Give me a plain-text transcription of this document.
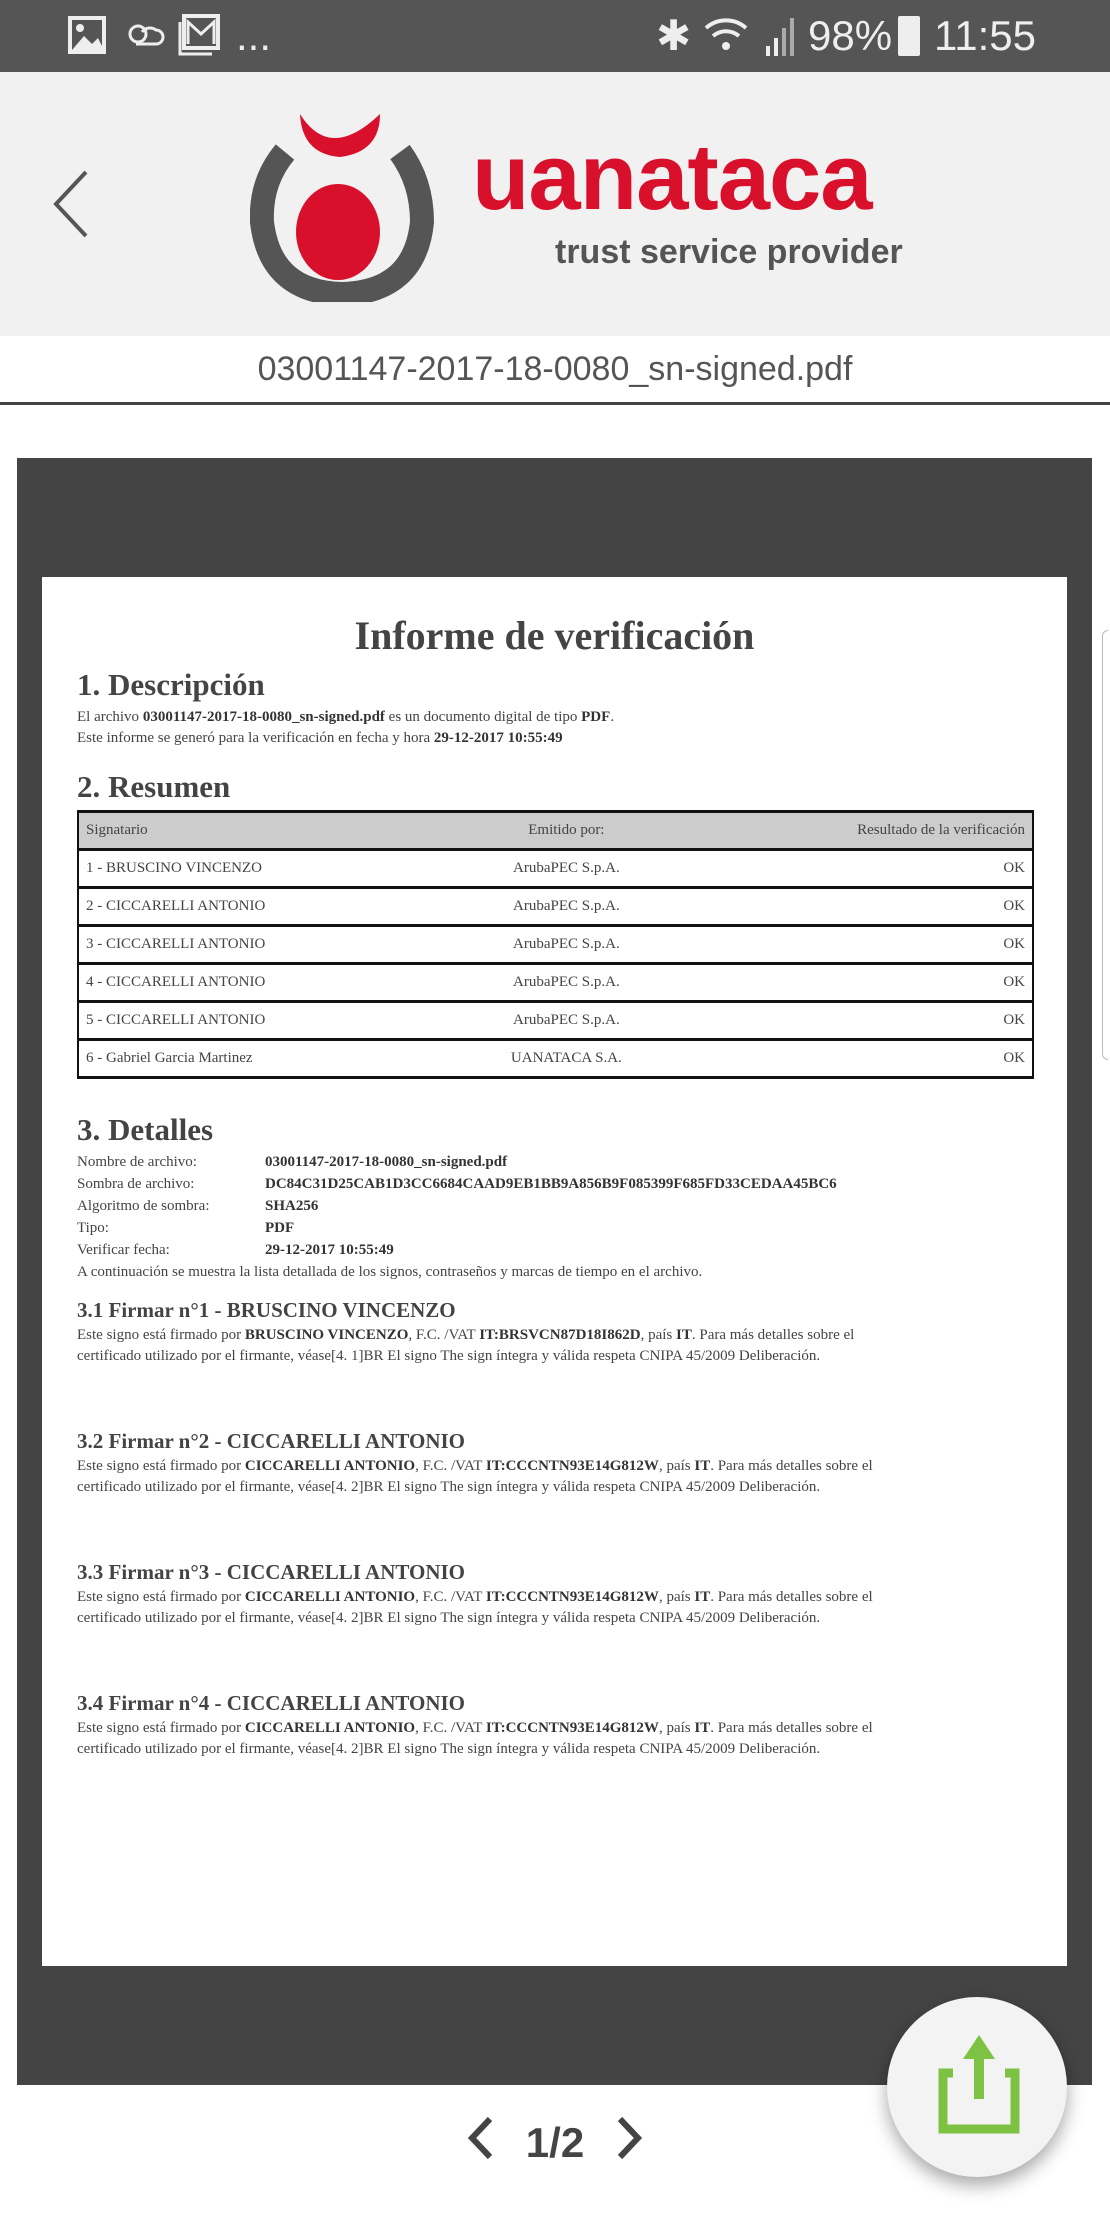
...	✱	98% 11:55
uanataca
trust service provider
03001147-2017-18-0080_sn-signed.pdf
Informe de verificación
1. Descripción
El archivo 03001147-2017-18-0080_sn-signed.pdf es un documento digital de tipo PDF.
Este informe se generó para la verificación en fecha y hora 29-12-2017 10:55:49
2. Resumen
Signatario	Emitido por:	Resultado de la verificación
1 - BRUSCINO VINCENZO	ArubaPEC S.p.A.	OK
2 - CICCARELLI ANTONIO	ArubaPEC S.p.A.	OK
3 - CICCARELLI ANTONIO	ArubaPEC S.p.A.	OK
4 - CICCARELLI ANTONIO	ArubaPEC S.p.A.	OK
5 - CICCARELLI ANTONIO	ArubaPEC S.p.A.	OK
6 - Gabriel Garcia Martinez	UANATACA S.A.	OK
3. Detalles
Nombre de archivo:	03001147-2017-18-0080_sn-signed.pdf
Sombra de archivo:	DC84C31D25CAB1D3CC6684CAAD9EB1BB9A856B9F085399F685FD33CEDAA45BC6
Algoritmo de sombra:	SHA256
Tipo:	PDF
Verificar fecha:	29-12-2017 10:55:49
A continuación se muestra la lista detallada de los signos, contraseños y marcas de tiempo en el archivo.
3.1 Firmar n°1 - BRUSCINO VINCENZO
Este signo está firmado por BRUSCINO VINCENZO, F.C. /VAT IT:BRSVCN87D18I862D, país IT. Para más detalles sobre el
certificado utilizado por el firmante, véase[4. 1]BR El signo The sign íntegra y válida respeta CNIPA 45/2009 Deliberación.
3.2 Firmar n°2 - CICCARELLI ANTONIO
Este signo está firmado por CICCARELLI ANTONIO, F.C. /VAT IT:CCCNTN93E14G812W, país IT. Para más detalles sobre el
certificado utilizado por el firmante, véase[4. 2]BR El signo The sign íntegra y válida respeta CNIPA 45/2009 Deliberación.
3.3 Firmar n°3 - CICCARELLI ANTONIO
Este signo está firmado por CICCARELLI ANTONIO, F.C. /VAT IT:CCCNTN93E14G812W, país IT. Para más detalles sobre el
certificado utilizado por el firmante, véase[4. 2]BR El signo The sign íntegra y válida respeta CNIPA 45/2009 Deliberación.
3.4 Firmar n°4 - CICCARELLI ANTONIO
Este signo está firmado por CICCARELLI ANTONIO, F.C. /VAT IT:CCCNTN93E14G812W, país IT. Para más detalles sobre el
certificado utilizado por el firmante, véase[4. 2]BR El signo The sign íntegra y válida respeta CNIPA 45/2009 Deliberación.
1/2
